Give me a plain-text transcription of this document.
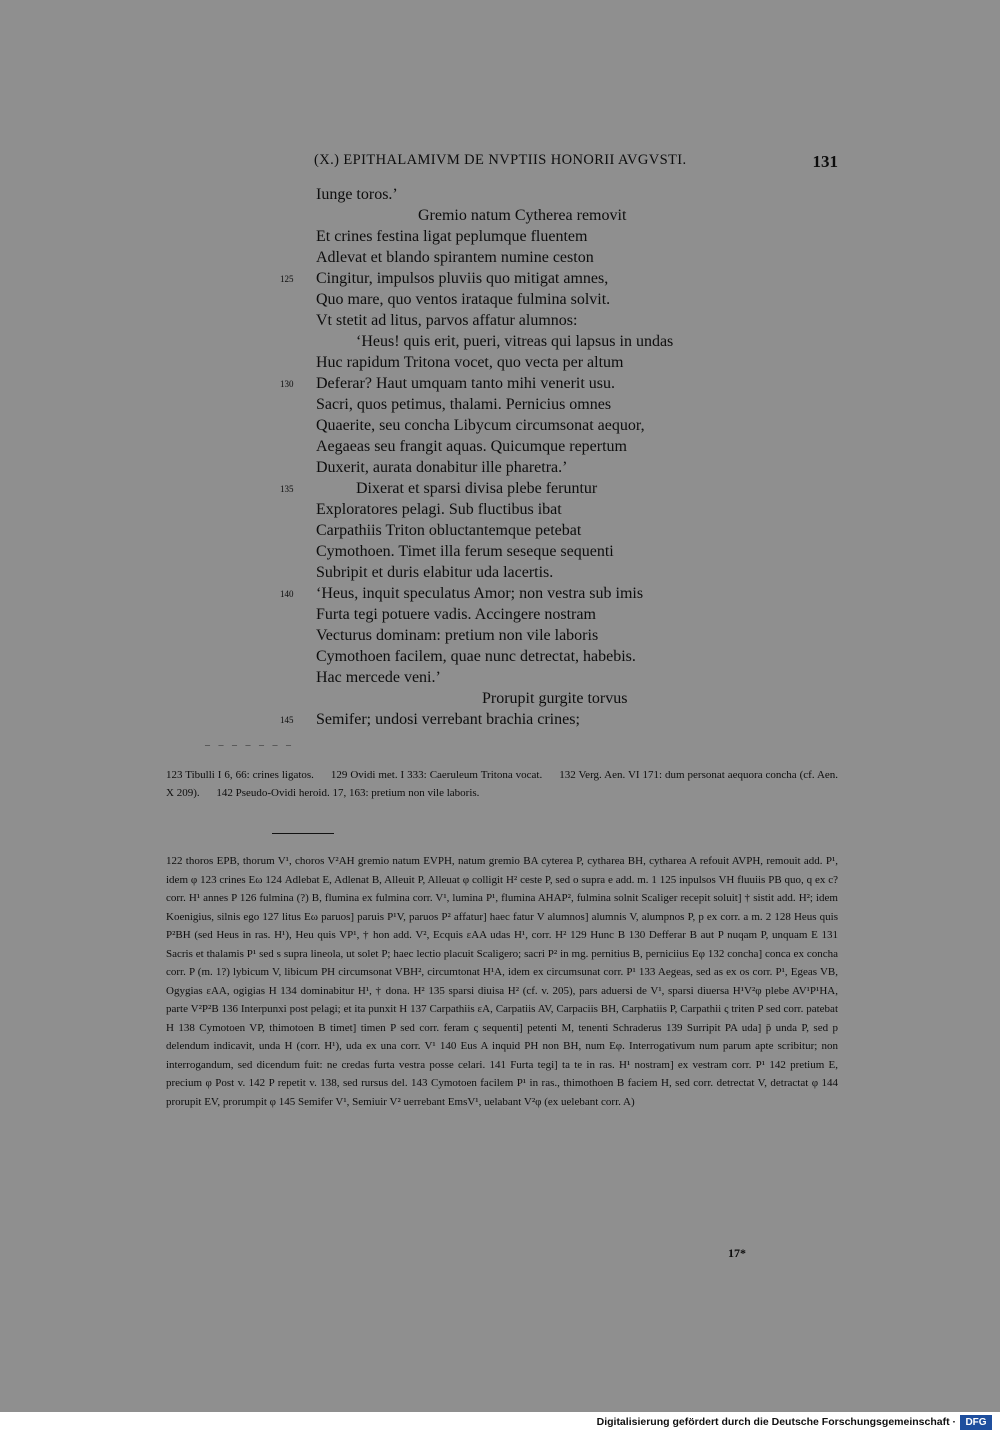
(X.) EPITHALAMIVM DE NVPTIIS HONORII AVGVSTI.	131
Iunge toros.’
Gremio natum Cytherea removit
Et crines festina ligat peplumque fluentem
Adlevat et blando spirantem numine ceston
125	Cingitur, impulsos pluviis quo mitigat amnes,
Quo mare, quo ventos irataque fulmina solvit.
Vt stetit ad litus, parvos affatur alumnos:
‘Heus! quis erit, pueri, vitreas qui lapsus in undas
Huc rapidum Tritona vocet, quo vecta per altum
130	Deferar? Haut umquam tanto mihi venerit usu.
Sacri, quos petimus, thalami. Pernicius omnes
Quaerite, seu concha Libycum circumsonat aequor,
Aegaeas seu frangit aquas. Quicumque repertum
Duxerit, aurata donabitur ille pharetra.’
135	Dixerat et sparsi divisa plebe feruntur
Exploratores pelagi. Sub fluctibus ibat
Carpathiis Triton obluctantemque petebat
Cymothoen. Timet illa ferum seseque sequenti
Subripit et duris elabitur uda lacertis.
140	‘Heus, inquit speculatus Amor; non vestra sub imis
Furta tegi potuere vadis. Accingere nostram
Vecturus dominam: pretium non vile laboris
Cymothoen facilem, quae nunc detrectat, habebis.
Hac mercede veni.’
Prorupit gurgite torvus
145	Semifer; undosi verrebant brachia crines;
– – – – – – –
123 Tibulli I 6, 66: crines ligatos. 129 Ovidi met. I 333: Caeruleum Tritona vocat. 132 Verg. Aen. VI 171: dum personat aequora concha (cf. Aen. X 209). 142 Pseudo-Ovidi heroid. 17, 163: pretium non vile laboris.
122 thoros EPB, thorum V¹, choros V²AH gremio natum EVPH, natum gremio BA cyterea P, cytharea BH, cytharea A refouit AVPH, remouit add. P¹, idem φ 123 crines Eω 124 Adlebat E, Adlenat B, Alleuit P, Alleuat φ colligit H² ceste P, sed o supra e add. m. 1 125 inpulsos VH fluuiis PB quo, q ex c? corr. H¹ annes P 126 fulmina (?) B, flumina ex fulmina corr. V¹, lumina P¹, flumina AHAP², fulmina solnit Scaliger recepit soluit] † sistit add. H²; idem Koenigius, silnis ego 127 litus Eω paruos] paruis P¹V, paruos P² affatur] haec fatur V alumnos] alumnis V, alumpnos P, p ex corr. a m. 2 128 Heus quis P²BH (sed Heus in ras. H¹), Heu quis VP¹, † hon add. V², Ecquis εAA udas H¹, corr. H² 129 Hunc B 130 Defferar B aut P nuqam P, unquam E 131 Sacris et thalamis P¹ sed s supra lineola, ut solet P; haec lectio placuit Scaligero; sacri P² in mg. pernitius B, perniciius Eφ 132 concha] conca ex concha corr. P (m. 1?) lybicum V, libicum PH circumsonat VBH², circumtonat H¹A, idem ex circumsunat corr. P¹ 133 Aegeas, sed as ex os corr. P¹, Egeas VB, Ogygias εAA, ogigias H 134 dominabitur H¹, † dona. H² 135 sparsi diuisa H² (cf. v. 205), pars aduersi de V¹, sparsi diuersa H¹V²φ plebe AV¹P¹HA, parte V²P²B 136 Interpunxi post pelagi; et ita punxit H 137 Carpathiis εA, Carpatiis AV, Carpaciis BH, Carphatiis P, Carpathii ς triten P sed corr. patebat H 138 Cymotoen VP, thimotoen B timet] timen P sed corr. feram ς sequenti] petenti M, tenenti Schraderus 139 Surripit PA uda] p̄ unda P, sed p delendum indicavit, unda H (corr. H¹), uda ex una corr. V¹ 140 Eus A inquid PH non BH, num Eφ. Interrogativum num parum apte scribitur; non interrogandum, sed dicendum fuit: ne credas furta vestra posse celari. 141 Furta tegi] ta te in ras. H¹ nostram] ex vestram corr. P¹ 142 pretium E, precium φ Post v. 142 P repetit v. 138, sed rursus del. 143 Cymotoen facilem P¹ in ras., thimothoen B faciem H, sed corr. detrectat V, detractat φ 144 prorupit EV, prorumpit φ 145 Semifer V¹, Semiuir V² uerrebant EmsV¹, uelabant V²φ (ex uelebant corr. A)
17*
Digitalisierung gefördert durch die Deutsche Forschungsgemeinschaft · DFG
